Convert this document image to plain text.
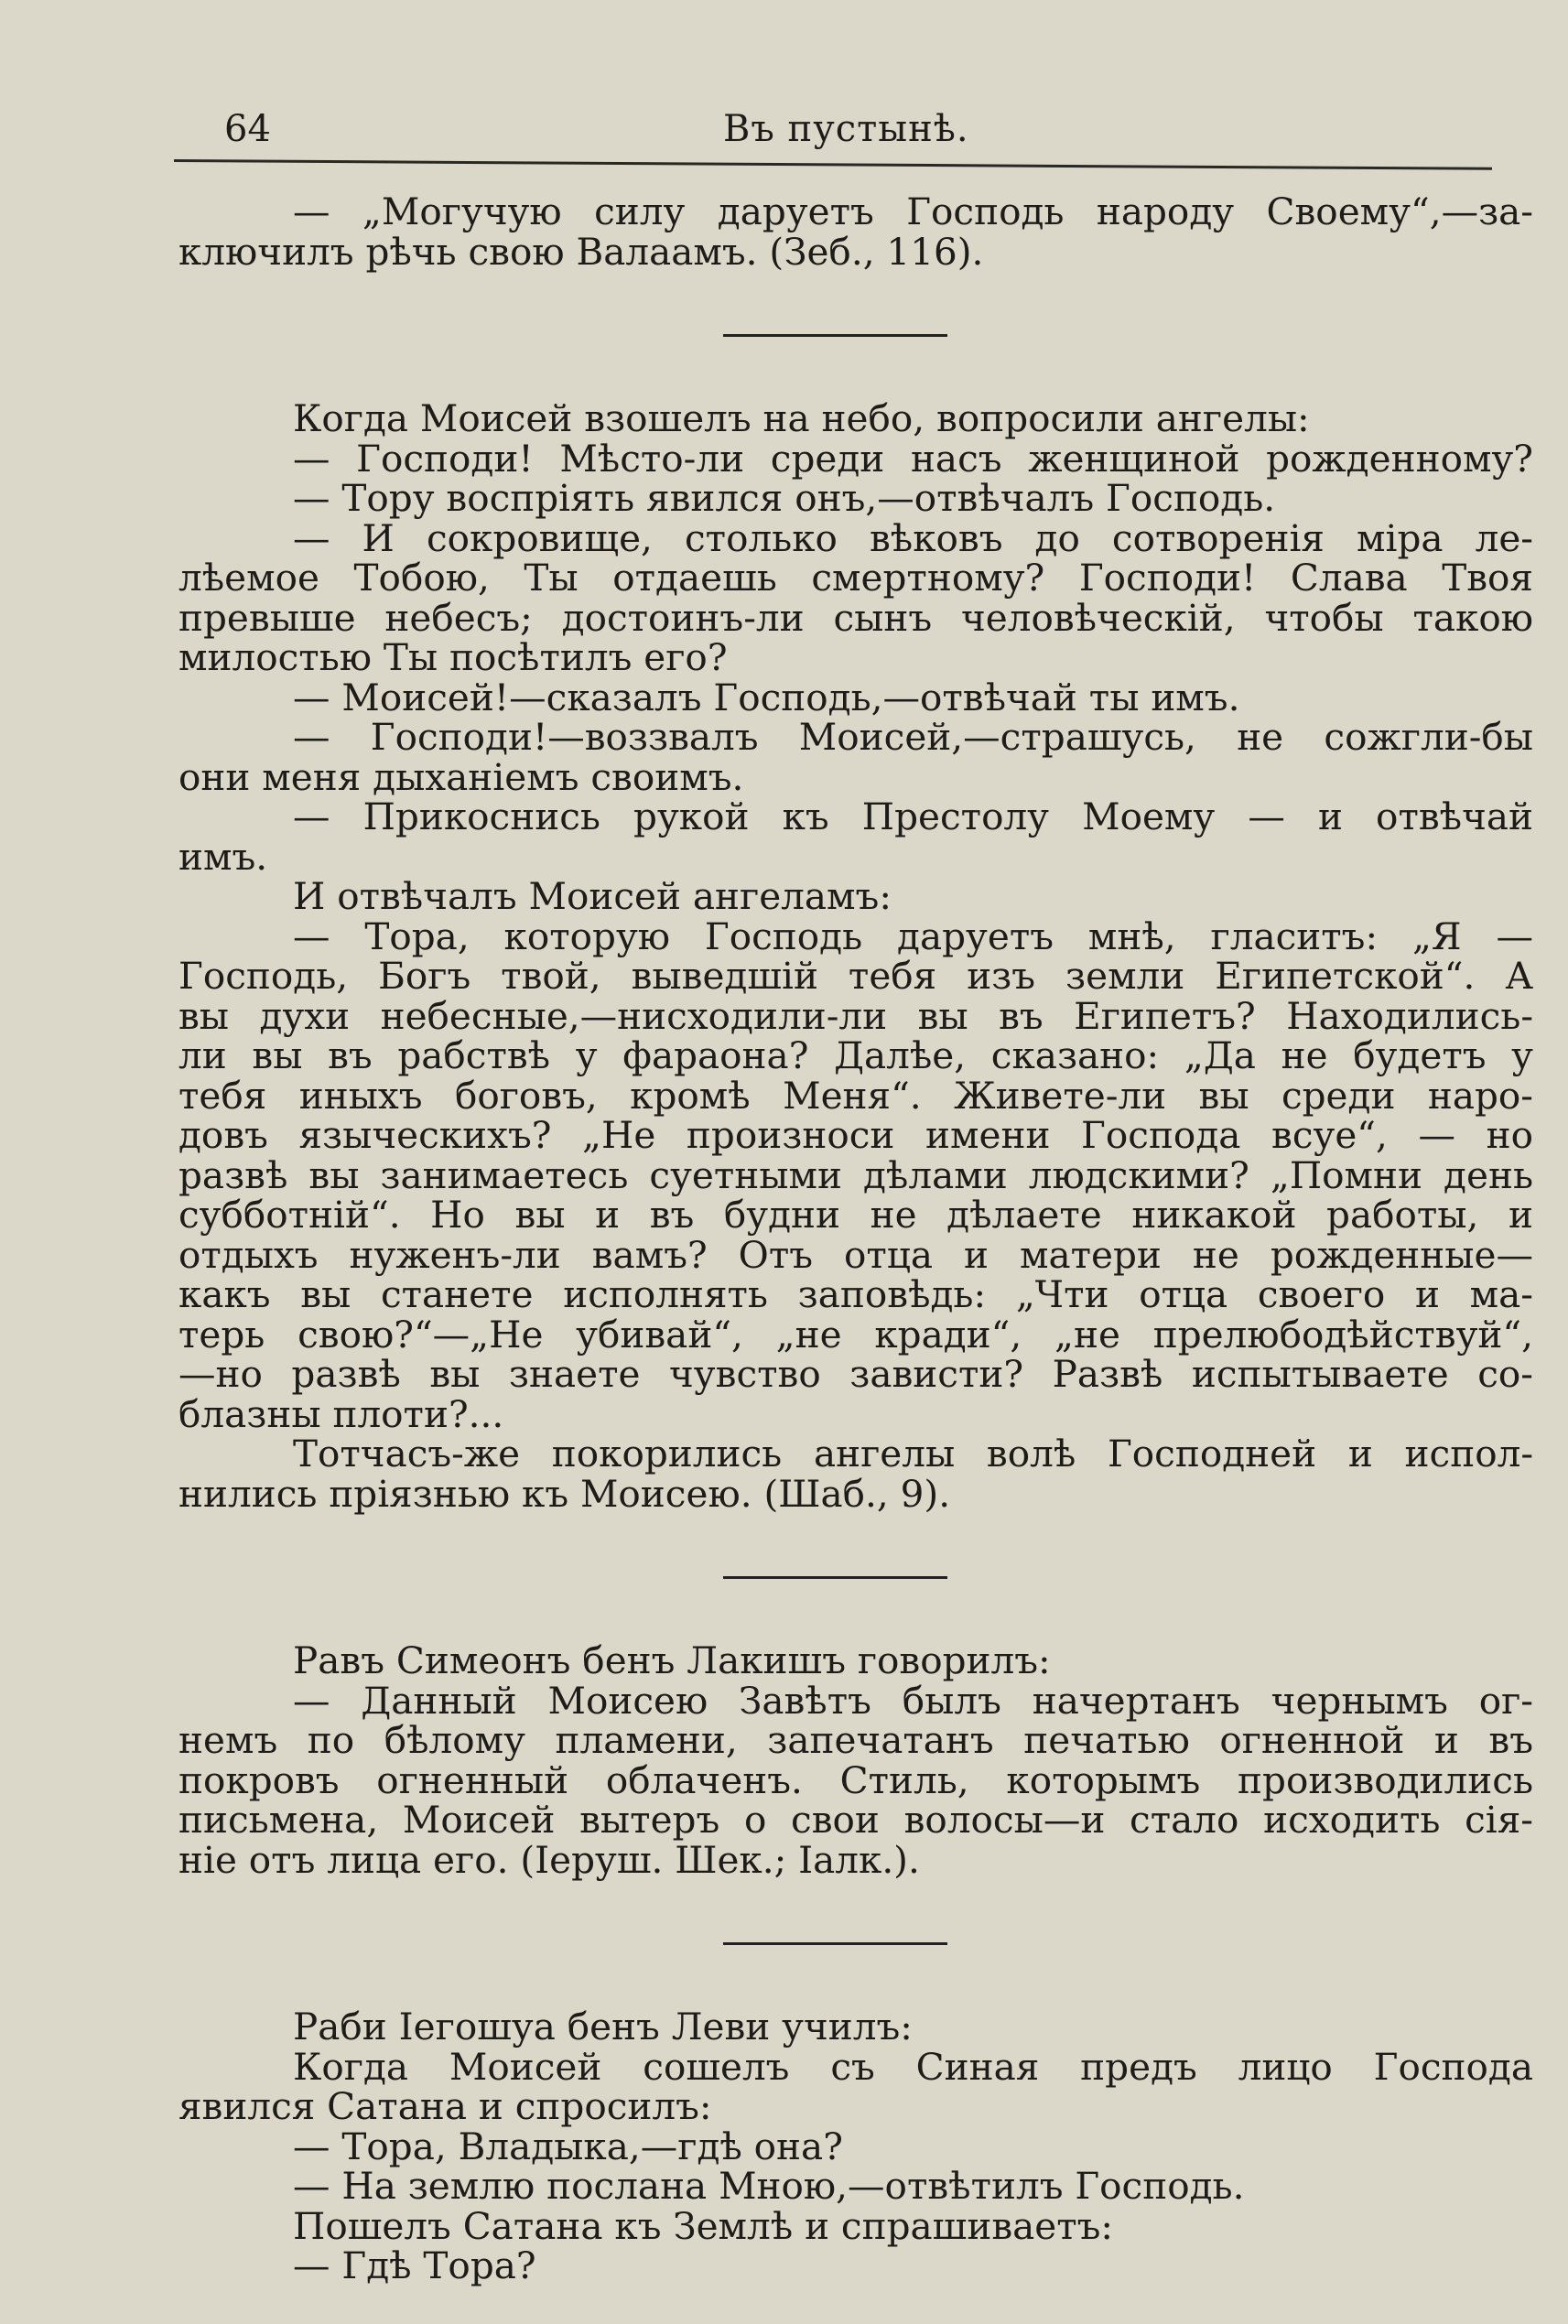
64	Въ пустынѣ.
— „Могучую силу даруетъ Господь народу Своему“,—за-
ключилъ рѣчь свою Валаамъ. (Зеб., 116).
Когда Моисей взошелъ на небо, вопросили ангелы:
— Господи! Мѣсто-ли среди насъ женщиной рожденному?
— Тору воспріять явился онъ,—отвѣчалъ Господь.
— И сокровище, столько вѣковъ до сотворенія міра ле-
лѣемое Тобою, Ты отдаешь смертному? Господи! Слава Твоя
превыше небесъ; достоинъ-ли сынъ человѣческій, чтобы такою
милостью Ты посѣтилъ его?
— Моисей!—сказалъ Господь,—отвѣчай ты имъ.
— Господи!—воззвалъ Моисей,—страшусь, не сожгли-бы
они меня дыханіемъ своимъ.
— Прикоснись рукой къ Престолу Моему — и отвѣчай
имъ.
И отвѣчалъ Моисей ангеламъ:
— Тора, которую Господь даруетъ мнѣ, гласитъ: „Я —
Господь, Богъ твой, выведшій тебя изъ земли Египетской“. А
вы духи небесные,—нисходили-ли вы въ Египетъ? Находились-
ли вы въ рабствѣ у фараона? Далѣе, сказано: „Да не будетъ у
тебя иныхъ боговъ, кромѣ Меня“. Живете-ли вы среди наро-
довъ языческихъ? „Не произноси имени Господа всуе“, — но
развѣ вы занимаетесь суетными дѣлами людскими? „Помни день
субботній“. Но вы и въ будни не дѣлаете никакой работы, и
отдыхъ нуженъ-ли вамъ? Отъ отца и матери не рожденные—
какъ вы станете исполнять заповѣдь: „Чти отца своего и ма-
терь свою?“—„Не убивай“, „не кради“, „не прелюбодѣйствуй“,
—но развѣ вы знаете чувство зависти? Развѣ испытываете со-
блазны плоти?...
Тотчасъ-же покорились ангелы волѣ Господней и испол-
нились пріязнью къ Моисею. (Шаб., 9).
Равъ Симеонъ бенъ Лакишъ говорилъ:
— Данный Моисею Завѣтъ былъ начертанъ чернымъ ог-
немъ по бѣлому пламени, запечатанъ печатью огненной и въ
покровъ огненный облаченъ. Стиль, которымъ производились
письмена, Моисей вытеръ о свои волосы—и стало исходить сія-
ніе отъ лица его. (Іеруш. Шек.; Іалк.).
Раби Іегошуа бенъ Леви училъ:
Когда Моисей сошелъ съ Синая предъ лицо Господа
явился Сатана и спросилъ:
— Тора, Владыка,—гдѣ она?
— На землю послана Мною,—отвѣтилъ Господь.
Пошелъ Сатана къ Землѣ и спрашиваетъ:
— Гдѣ Тора?
